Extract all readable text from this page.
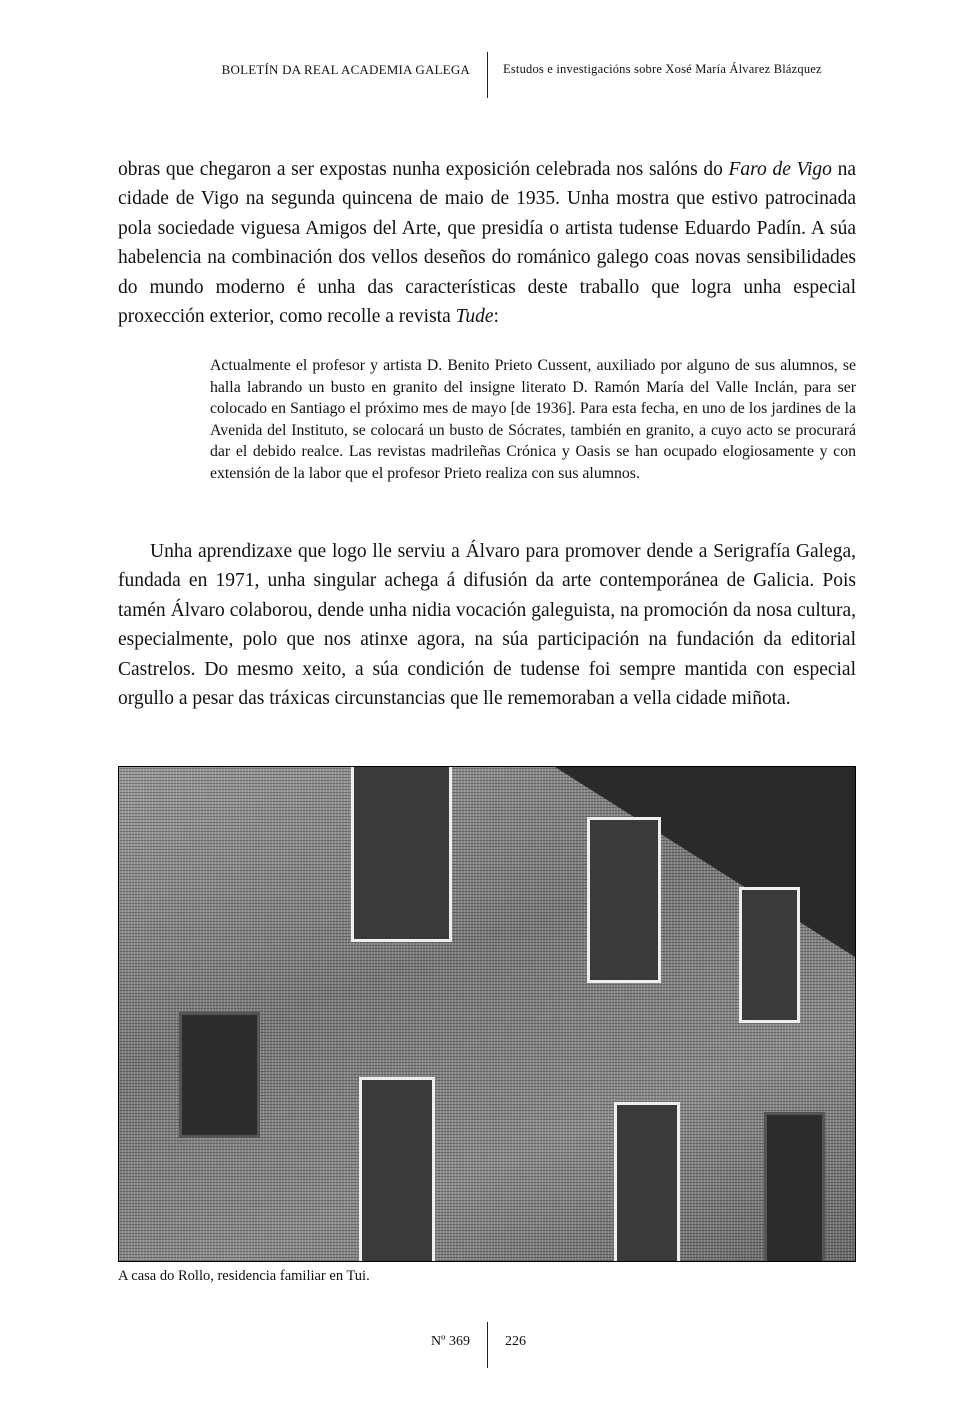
BOLETÍN DA REAL ACADEMIA GALEGA	Estudos e investigacións sobre Xosé María Álvarez Blázquez
obras que chegaron a ser expostas nunha exposición celebrada nos salóns do Faro de Vigo na cidade de Vigo na segunda quincena de maio de 1935. Unha mostra que estivo patrocinada pola sociedade viguesa Amigos del Arte, que presidía o artista tudense Eduardo Padín. A súa habelencia na combinación dos vellos deseños do románico galego coas novas sensibilidades do mundo moderno é unha das características deste traballo que logra unha especial proxección exterior, como recolle a revista Tude:
Actualmente el profesor y artista D. Benito Prieto Cussent, auxiliado por alguno de sus alumnos, se halla labrando un busto en granito del insigne literato D. Ramón María del Valle Inclán, para ser colocado en Santiago el próximo mes de mayo [de 1936]. Para esta fecha, en uno de los jardines de la Avenida del Instituto, se colocará un busto de Sócrates, también en granito, a cuyo acto se procurará dar el debido realce. Las revistas madrileñas Crónica y Oasis se han ocupado elogiosamente y con extensión de la labor que el profesor Prieto realiza con sus alumnos.
Unha aprendizaxe que logo lle serviu a Álvaro para promover dende a Serigrafía Galega, fundada en 1971, unha singular achega á difusión da arte contemporánea de Galicia. Pois tamén Álvaro colaborou, dende unha nidia vocación galeguista, na promoción da nosa cultura, especialmente, polo que nos atinxe agora, na súa participación na fundación da editorial Castrelos. Do mesmo xeito, a súa condición de tudense foi sempre mantida con especial orgullo a pesar das tráxicas circunstancias que lle rememoraban a vella cidade miñota.
A casa do Rollo, residencia familiar en Tui.
Nº 369	226
